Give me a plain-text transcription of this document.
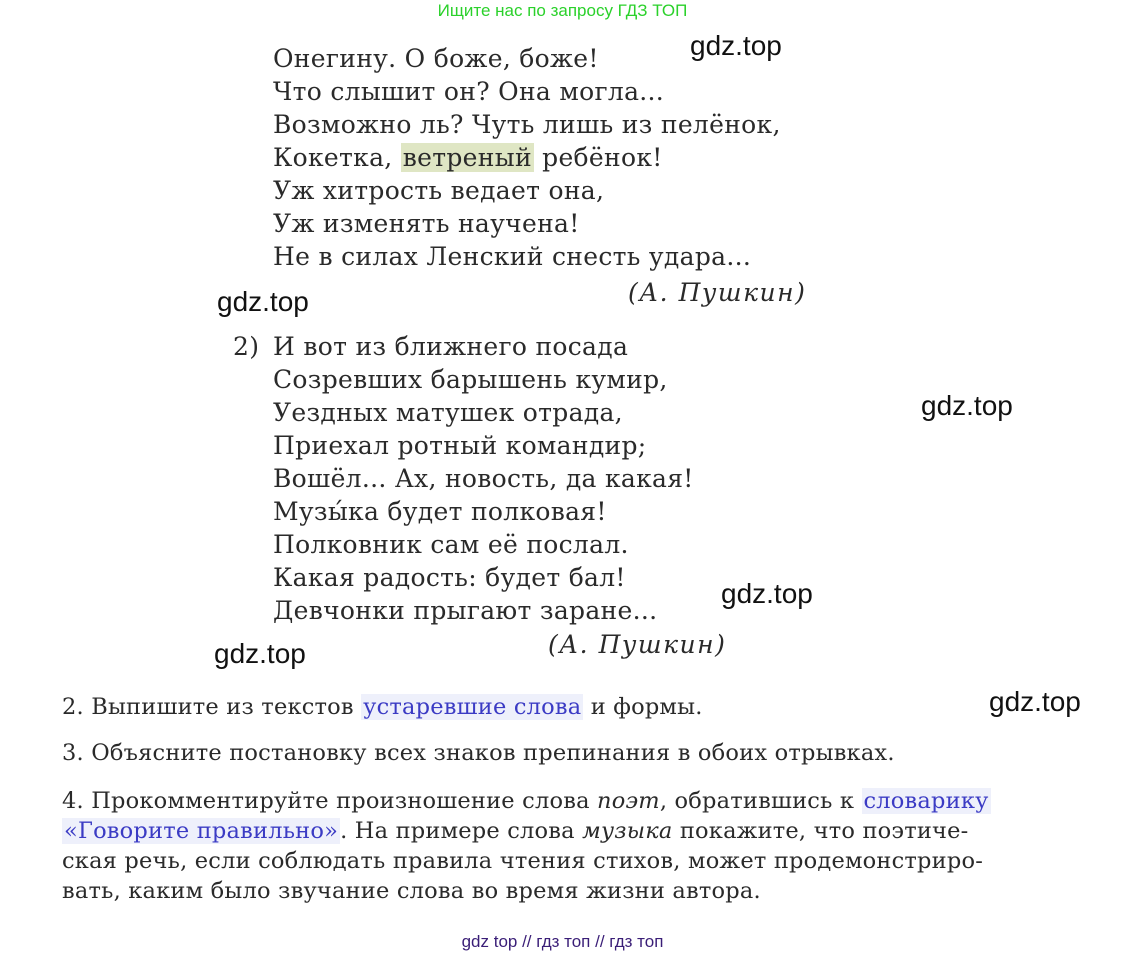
Ищите нас по запросу ГДЗ ТОП
gdz.top
gdz.top
gdz.top
gdz.top
gdz.top
gdz.top
Онегину. О боже, боже!
Что слышит он? Она могла...
Возможно ль? Чуть лишь из пелёнок,
Кокетка, ветреный ребёнок!
Уж хитрость ведает она,
Уж изменять научена!
Не в силах Ленский снесть удара...
(А. Пушкин)
2) И вот из ближнего посада
Созревших барышень кумир,
Уездных матушек отрада,
Приехал ротный командир;
Вошёл... Ах, новость, да какая!
Музы́ка будет полковая!
Полковник сам её послал.
Какая радость: будет бал!
Девчонки прыгают заране...
(А. Пушкин)
2. Выпишите из текстов устаревшие слова и формы.
3. Объясните постановку всех знаков препинания в обоих отрывках.
4. Прокомментируйте произношение слова поэт, обратившись к словарику
«Говорите правильно». На примере слова музыка покажите, что поэтиче-
ская речь, если соблюдать правила чтения стихов, может продемонстриро-
вать, каким было звучание слова во время жизни автора.
gdz top // гдз топ // гдз топ
